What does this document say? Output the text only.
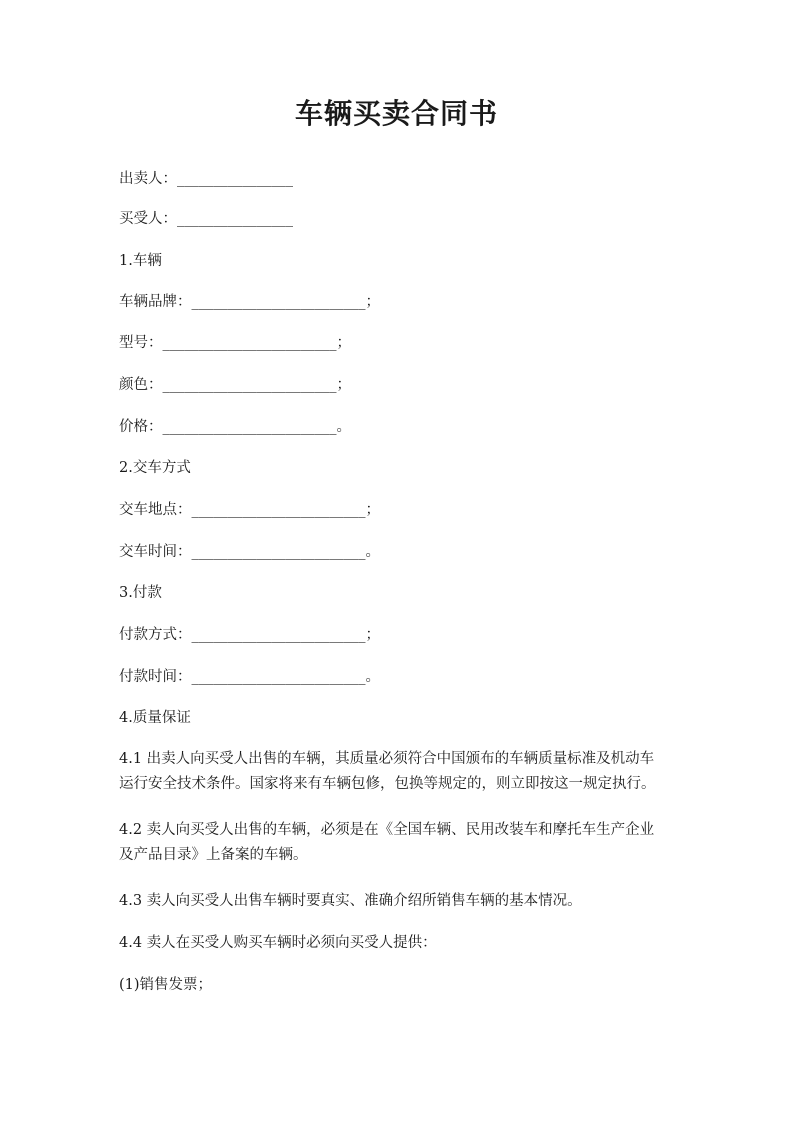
车辆买卖合同书
出卖人：________________
买受人：________________
1.车辆
车辆品牌：________________________；
型号：________________________；
颜色：________________________；
价格：________________________。
2.交车方式
交车地点：________________________；
交车时间：________________________。
3.付款
付款方式：________________________；
付款时间：________________________。
4.质量保证
4.1 出卖人向买受人出售的车辆，其质量必须符合中国颁布的车辆质量标准及机动车
运行安全技术条件。国家将来有车辆包修，包换等规定的，则立即按这一规定执行。
4.2 卖人向买受人出售的车辆，必须是在《全国车辆、民用改装车和摩托车生产企业
及产品目录》上备案的车辆。
4.3 卖人向买受人出售车辆时要真实、准确介绍所销售车辆的基本情况。
4.4 卖人在买受人购买车辆时必须向买受人提供：
(1)销售发票；
